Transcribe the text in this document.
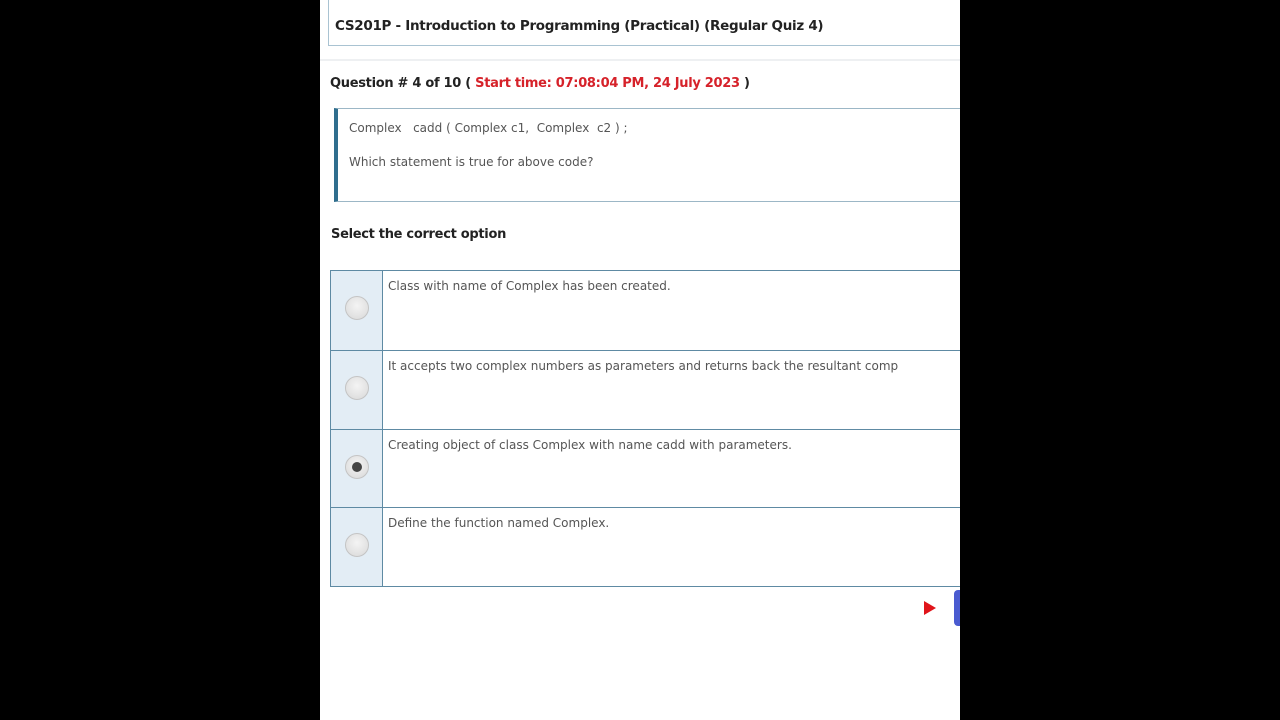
CS201P - Introduction to Programming (Practical) (Regular Quiz 4)
Question # 4 of 10 ( Start time: 07:08:04 PM, 24 July 2023 )

Complex   cadd ( Complex c1,  Complex  c2 ) ;

Which statement is true for above code?

Select the correct option
Class with name of Complex has been created.
It accepts two complex numbers as parameters and returns back the resultant comp
Creating object of class Complex with name cadd with parameters.
Define the function named Complex.
